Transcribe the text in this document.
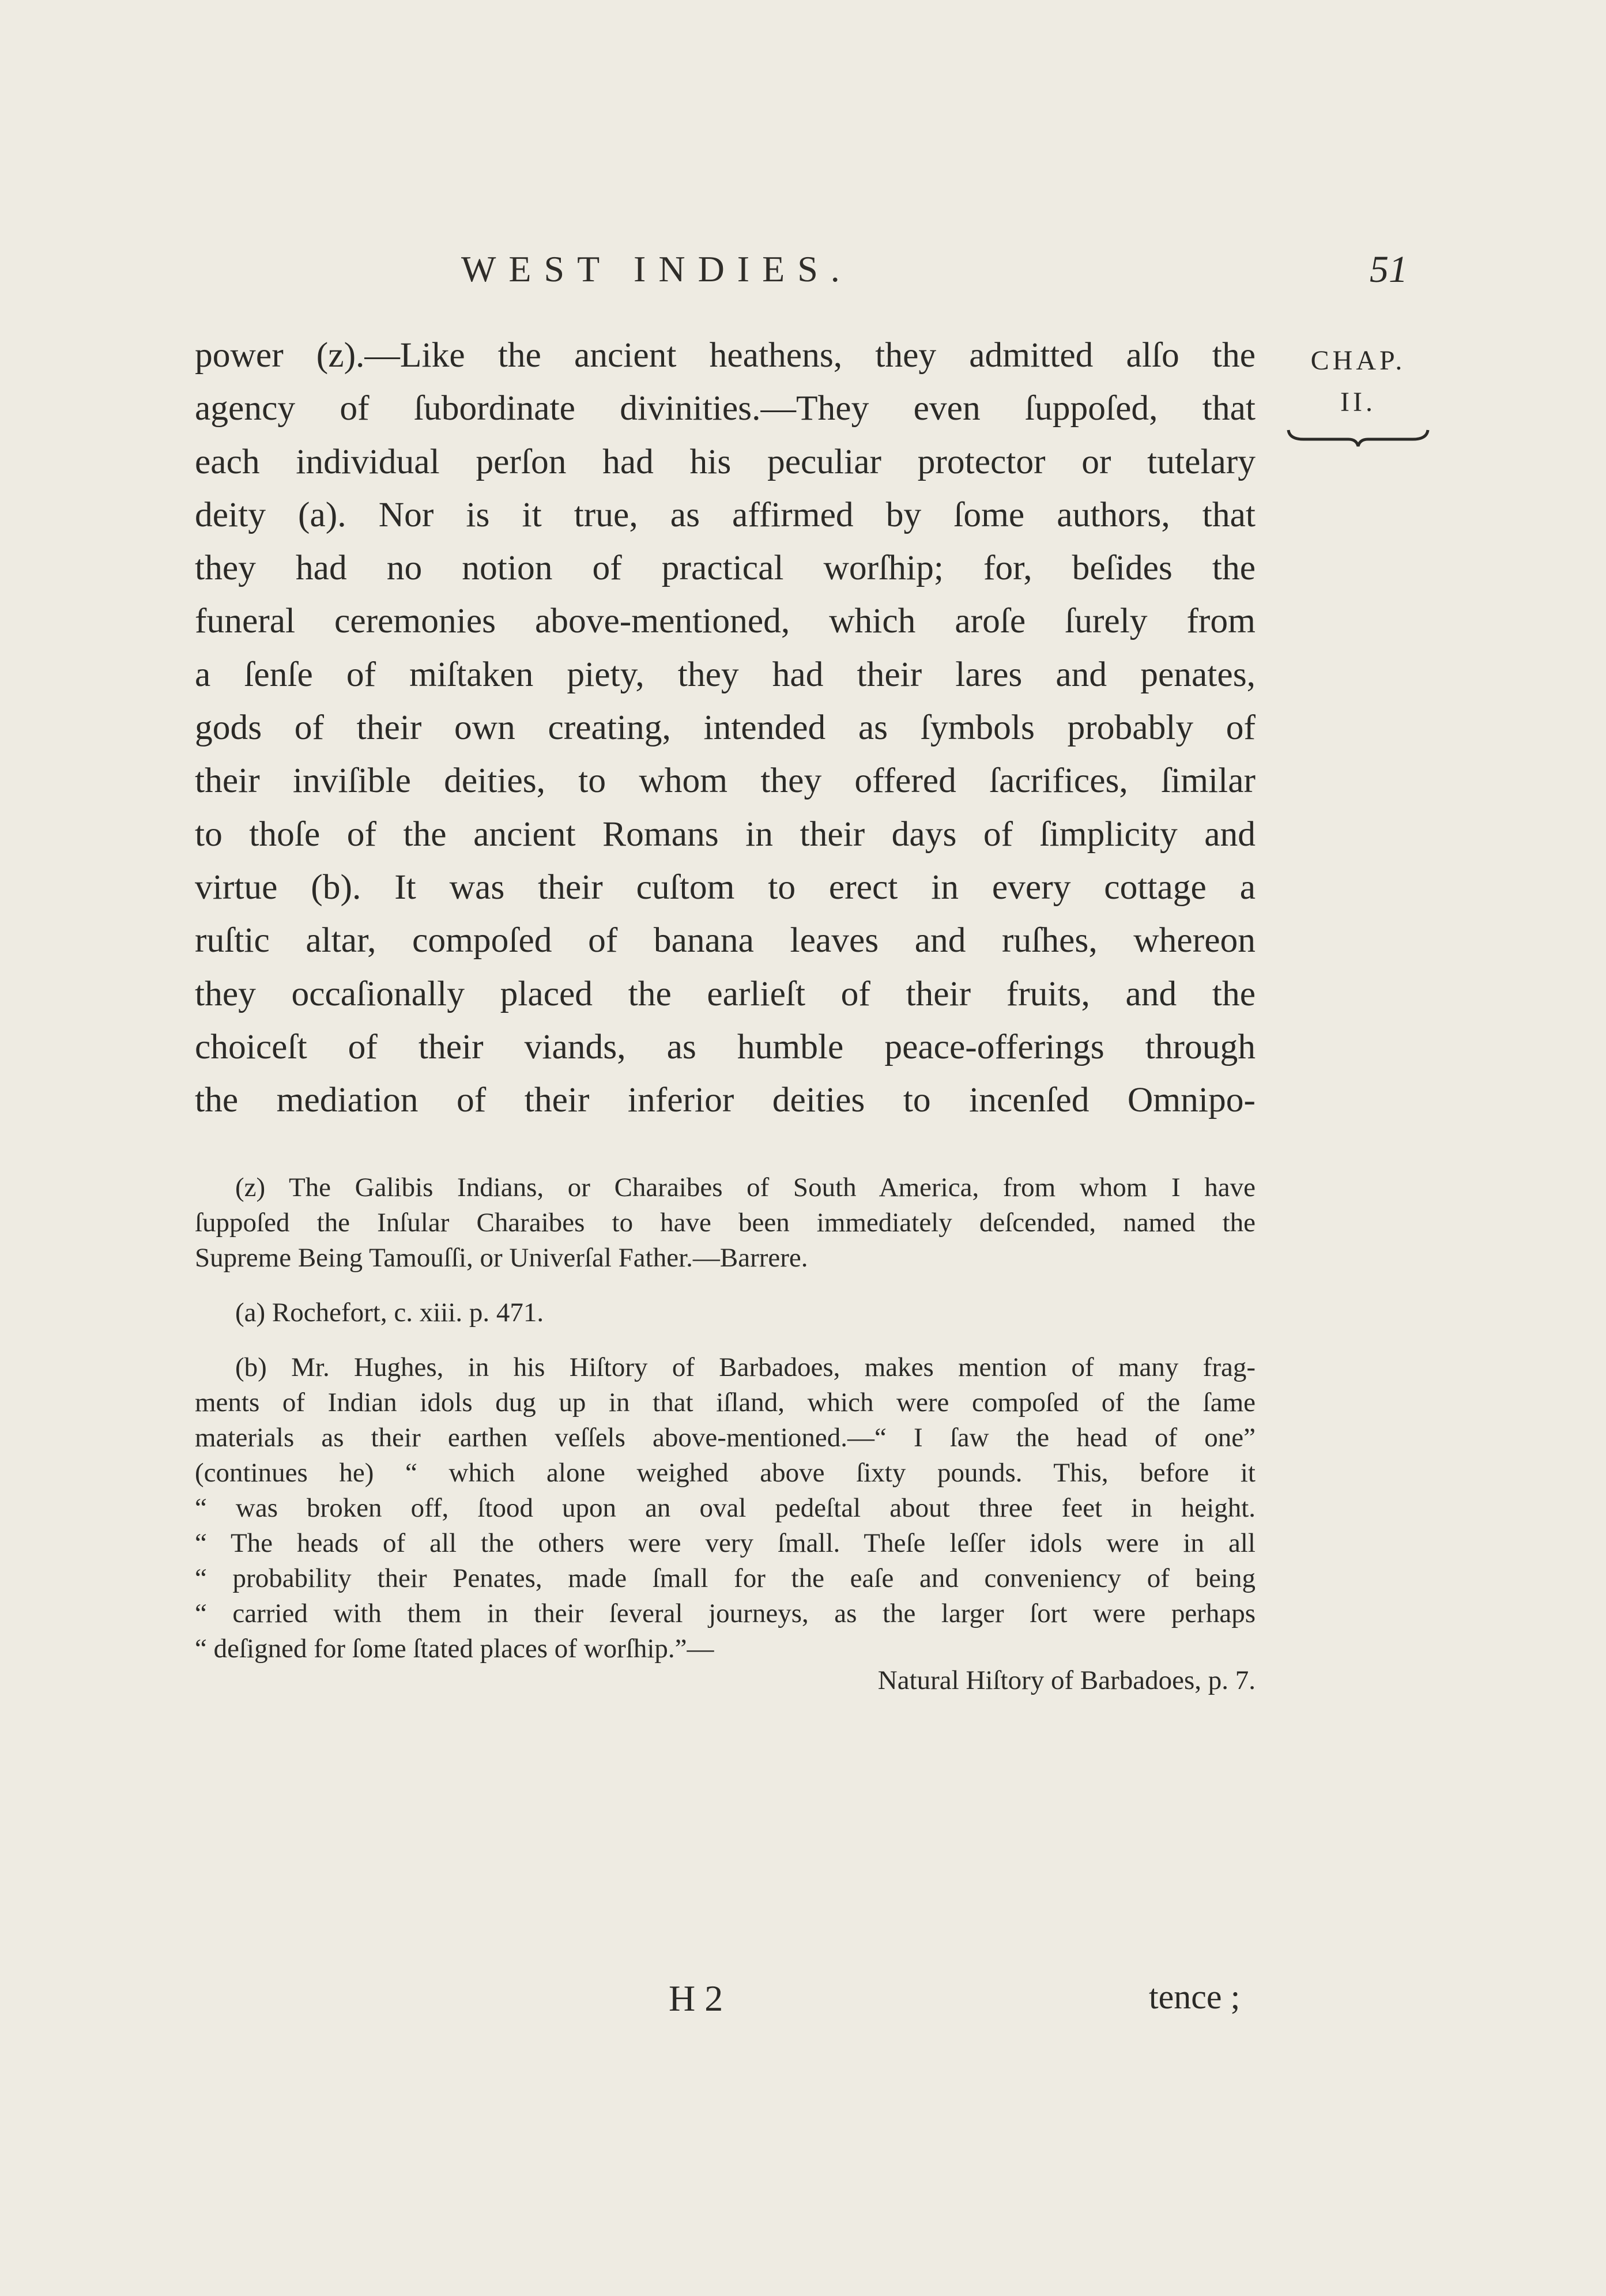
WEST INDIES.	51
CHAP.
II.
power (z).—Like the ancient heathens, they admitted alſo the
agency of ſubordinate divinities.—They even ſuppoſed, that
each individual perſon had his peculiar protector or tutelary
deity (a). Nor is it true, as affirmed by ſome authors, that
they had no notion of practical worſhip; for, beſides the
funeral ceremonies above-mentioned, which aroſe ſurely from
a ſenſe of miſtaken piety, they had their lares and penates,
gods of their own creating, intended as ſymbols probably of
their inviſible deities, to whom they offered ſacrifices, ſimilar
to thoſe of the ancient Romans in their days of ſimplicity and
virtue (b). It was their cuſtom to erect in every cottage a
ruſtic altar, compoſed of banana leaves and ruſhes, whereon
they occaſionally placed the earlieſt of their fruits, and the
choiceſt of their viands, as humble peace-offerings through
the mediation of their inferior deities to incenſed Omnipo-
(z) The Galibis Indians, or Charaibes of South America, from whom I have
ſuppoſed the Inſular Charaibes to have been immediately deſcended, named the
Supreme Being Tamouſſi, or Univerſal Father.—Barrere.
(a) Rochefort, c. xiii. p. 471.
(b) Mr. Hughes, in his Hiſtory of Barbadoes, makes mention of many frag-
ments of Indian idols dug up in that iſland, which were compoſed of the ſame
materials as their earthen veſſels above-mentioned.—“ I ſaw the head of one”
(continues he) “ which alone weighed above ſixty pounds. This, before it
“ was broken off, ſtood upon an oval pedeſtal about three feet in height.
“ The heads of all the others were very ſmall. Theſe leſſer idols were in all
“ probability their Penates, made ſmall for the eaſe and conveniency of being
“ carried with them in their ſeveral journeys, as the larger ſort were perhaps
“ deſigned for ſome ſtated places of worſhip.”—
Natural Hiſtory of Barbadoes, p. 7.
H 2	tence ;
